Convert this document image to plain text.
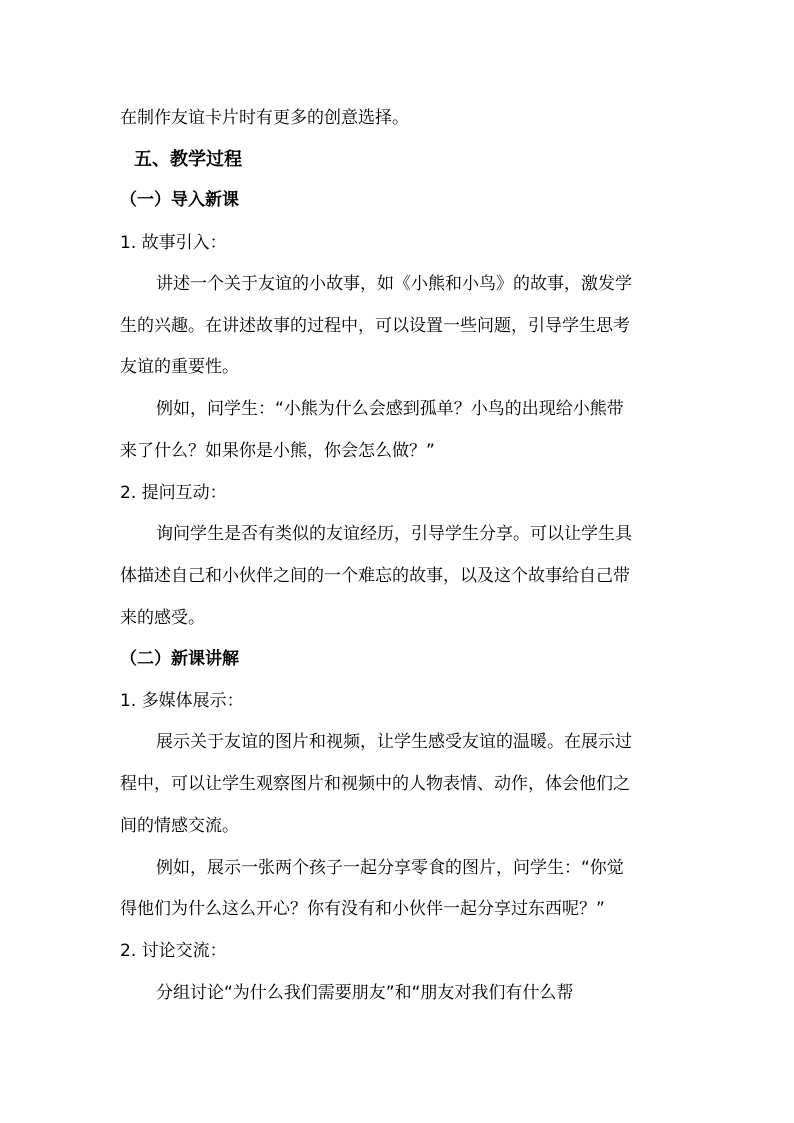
在制作友谊卡片时有更多的创意选择。
五、教学过程
（一）导入新课
1. 故事引入：
讲述一个关于友谊的小故事，如《小熊和小鸟》的故事，激发学
生的兴趣。在讲述故事的过程中，可以设置一些问题，引导学生思考
友谊的重要性。
例如，问学生：“小熊为什么会感到孤单？小鸟的出现给小熊带
来了什么？如果你是小熊，你会怎么做？”
2. 提问互动：
询问学生是否有类似的友谊经历，引导学生分享。可以让学生具
体描述自己和小伙伴之间的一个难忘的故事，以及这个故事给自己带
来的感受。
（二）新课讲解
1. 多媒体展示：
展示关于友谊的图片和视频，让学生感受友谊的温暖。在展示过
程中，可以让学生观察图片和视频中的人物表情、动作，体会他们之
间的情感交流。
例如，展示一张两个孩子一起分享零食的图片，问学生：“你觉
得他们为什么这么开心？你有没有和小伙伴一起分享过东西呢？”
2. 讨论交流：
分组讨论“为什么我们需要朋友”和“朋友对我们有什么帮
